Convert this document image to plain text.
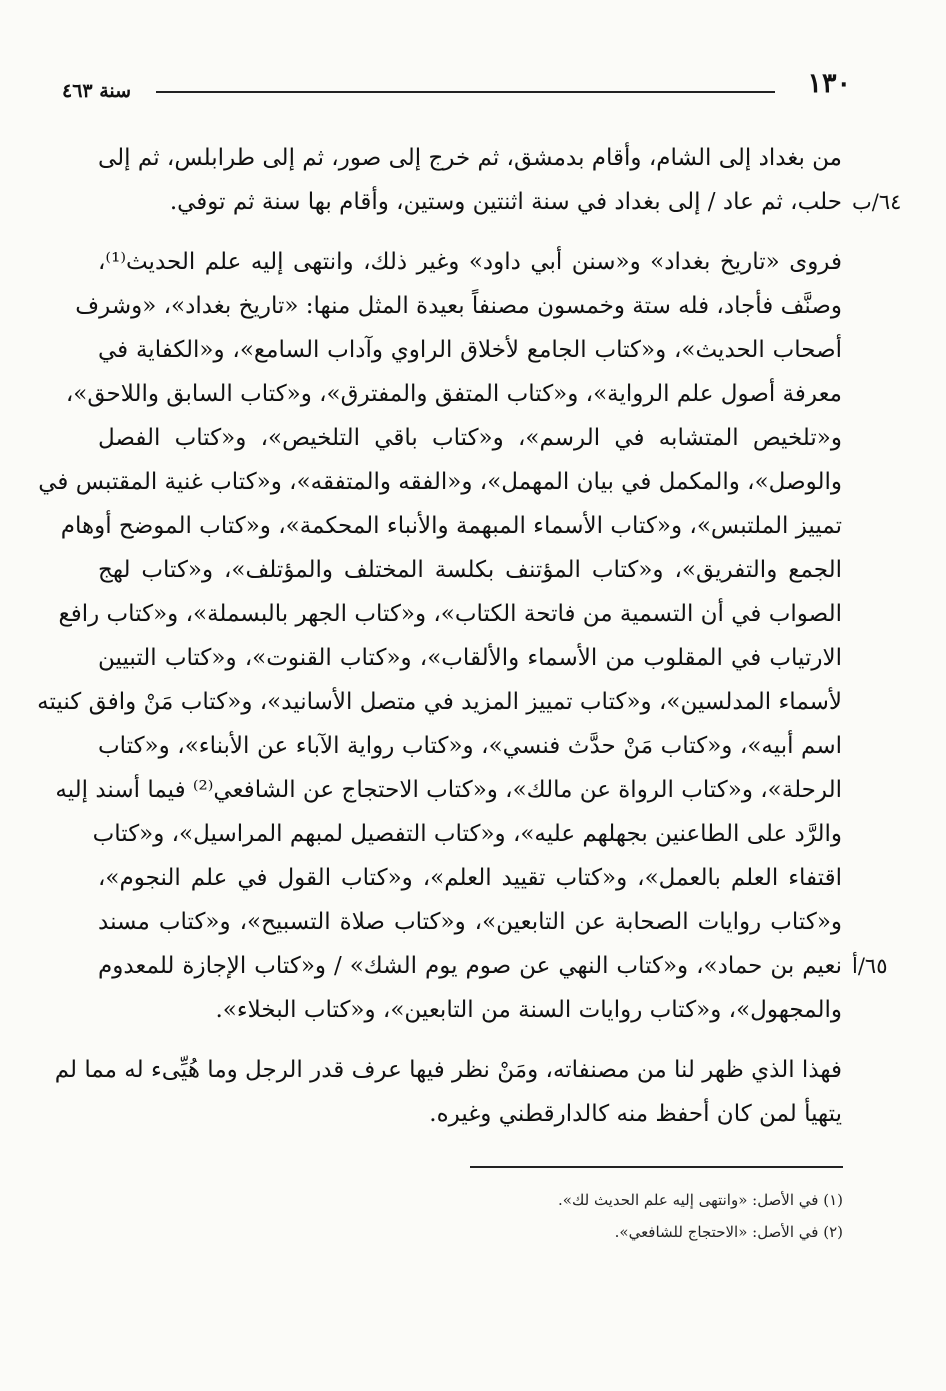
١٣٠
سنة ٤٦٣
٦٤/ب
٦٥/أ
من بغداد إلى الشام، وأقام بدمشق، ثم خرج إلى صور، ثم إلى طرابلس، ثم إلى
حلب، ثم عاد / إلى بغداد في سنة اثنتين وستين، وأقام بها سنة ثم توفي.
فروى «تاريخ بغداد» و«سنن أبي داود» وغير ذلك، وانتهى إليه علم الحديث⁽¹⁾،
وصنَّف فأجاد، فله ستة وخمسون مصنفاً بعيدة المثل منها: «تاريخ بغداد»، «وشرف
أصحاب الحديث»، و«كتاب الجامع لأخلاق الراوي وآداب السامع»، و«الكفاية في
معرفة أصول علم الرواية»، و«كتاب المتفق والمفترق»، و«كتاب السابق واللاحق»،
و«تلخيص المتشابه في الرسم»، و«كتاب باقي التلخيص»، و«كتاب الفصل
والوصل»، والمكمل في بيان المهمل»، و«الفقه والمتفقه»، و«كتاب غنية المقتبس في
تمييز الملتبس»، و«كتاب الأسماء المبهمة والأنباء المحكمة»، و«كتاب الموضح أوهام
الجمع والتفريق»، و«كتاب المؤتنف بكلسة المختلف والمؤتلف»، و«كتاب لهج
الصواب في أن التسمية من فاتحة الكتاب»، و«كتاب الجهر بالبسملة»، و«كتاب رافع
الارتياب في المقلوب من الأسماء والألقاب»، و«كتاب القنوت»، و«كتاب التبيين
لأسماء المدلسين»، و«كتاب تمييز المزيد في متصل الأسانيد»، و«كتاب مَنْ وافق كنيته
اسم أبيه»، و«كتاب مَنْ حدَّث فنسي»، و«كتاب رواية الآباء عن الأبناء»، و«كتاب
الرحلة»، و«كتاب الرواة عن مالك»، و«كتاب الاحتجاج عن الشافعي⁽²⁾ فيما أسند إليه
والرَّد على الطاعنين بجهلهم عليه»، و«كتاب التفصيل لمبهم المراسيل»، و«كتاب
اقتفاء العلم بالعمل»، و«كتاب تقييد العلم»، و«كتاب القول في علم النجوم»،
و«كتاب روايات الصحابة عن التابعين»، و«كتاب صلاة التسبيح»، و«كتاب مسند
نعيم بن حماد»، و«كتاب النهي عن صوم يوم الشك» / و«كتاب الإجازة للمعدوم
والمجهول»، و«كتاب روايات السنة من التابعين»، و«كتاب البخلاء».
فهذا الذي ظهر لنا من مصنفاته، ومَنْ نظر فيها عرف قدر الرجل وما هُيِّىء له مما لم
يتهيأ لمن كان أحفظ منه كالدارقطني وغيره.
(١) في الأصل: «وانتهى إليه علم الحديث لك».
(٢) في الأصل: «الاحتجاج للشافعي».
